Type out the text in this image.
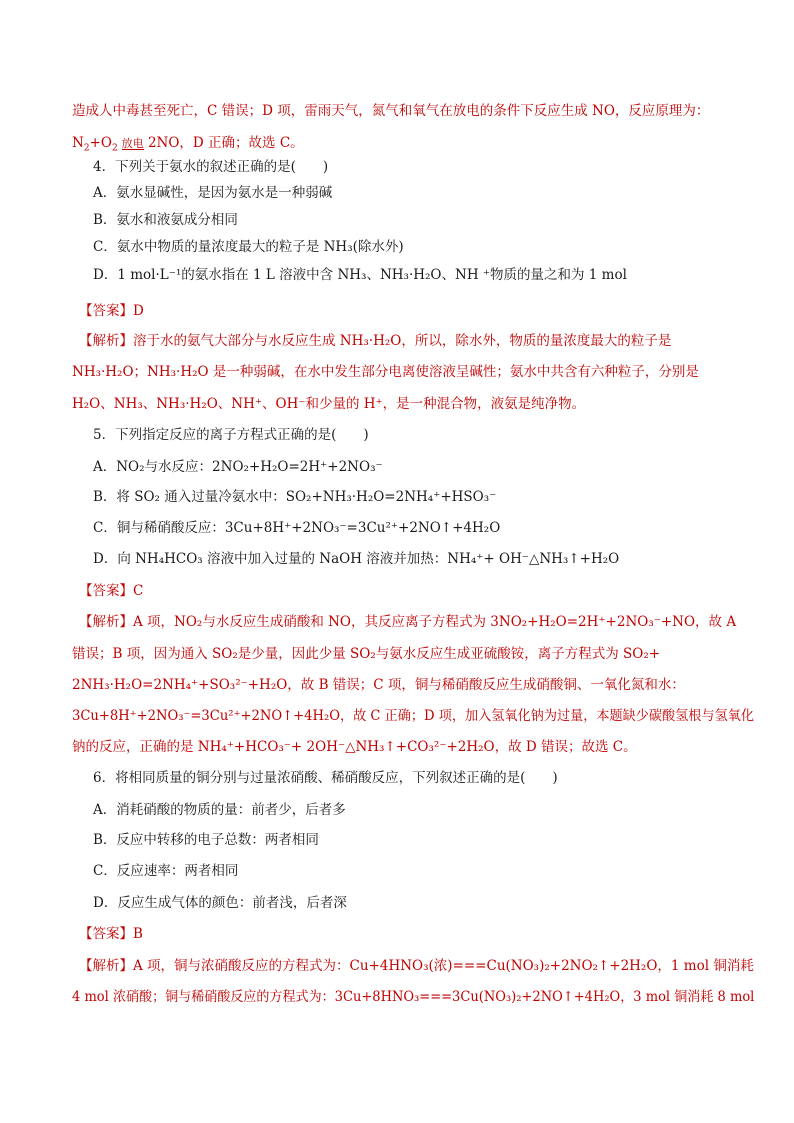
造成人中毒甚至死亡，C 错误；D 项，雷雨天气，氮气和氧气在放电的条件下反应生成 NO，反应原理为：
$N_2+O_2$ 放电 2NO，D 正确；故选 C。
4．下列关于氨水的叙述正确的是(　　)
A．氨水显碱性，是因为氨水是一种弱碱
B．氨水和液氨成分相同
C．氨水中物质的量浓度最大的粒子是 NH₃(除水外)
D．1 mol·L⁻¹的氨水指在 1 L 溶液中含 NH₃、NH₃·H₂O、NH ⁺物质的量之和为 1 mol
【答案】D
【解析】溶于水的氨气大部分与水反应生成 NH₃·H₂O，所以，除水外，物质的量浓度最大的粒子是
NH₃·H₂O；NH₃·H₂O 是一种弱碱，在水中发生部分电离使溶液呈碱性；氨水中共含有六种粒子，分别是
H₂O、NH₃、NH₃·H₂O、NH⁺、OH⁻和少量的 H⁺，是一种混合物，液氨是纯净物。
5．下列指定反应的离子方程式正确的是(　　)
A．NO₂与水反应：2NO₂+H₂O=2H⁺+2NO₃⁻
B．将 SO₂ 通入过量冷氨水中：SO₂+NH₃·H₂O=2NH₄⁺+HSO₃⁻
C．铜与稀硝酸反应：3Cu+8H⁺+2NO₃⁻=3Cu²⁺+2NO↑+4H₂O
D．向 NH₄HCO₃ 溶液中加入过量的 NaOH 溶液并加热：NH₄⁺+ OH⁻△NH₃↑+H₂O
【答案】C
【解析】A 项，NO₂与水反应生成硝酸和 NO，其反应离子方程式为 3NO₂+H₂O=2H⁺+2NO₃⁻+NO，故 A
错误；B 项，因为通入 SO₂是少量，因此少量 SO₂与氨水反应生成亚硫酸铵，离子方程式为 SO₂+
2NH₃·H₂O=2NH₄⁺+SO₃²⁻+H₂O，故 B 错误；C 项，铜与稀硝酸反应生成硝酸铜、一氧化氮和水：
3Cu+8H⁺+2NO₃⁻=3Cu²⁺+2NO↑+4H₂O，故 C 正确；D 项，加入氢氧化钠为过量，本题缺少碳酸氢根与氢氧化
钠的反应，正确的是 NH₄⁺+HCO₃⁻+ 2OH⁻△NH₃↑+CO₃²⁻+2H₂O，故 D 错误；故选 C。
6．将相同质量的铜分别与过量浓硝酸、稀硝酸反应，下列叙述正确的是(　　)
A．消耗硝酸的物质的量：前者少，后者多
B．反应中转移的电子总数：两者相同
C．反应速率：两者相同
D．反应生成气体的颜色：前者浅，后者深
【答案】B
【解析】A 项，铜与浓硝酸反应的方程式为：Cu+4HNO₃(浓)===Cu(NO₃)₂+2NO₂↑+2H₂O，1 mol 铜消耗
4 mol 浓硝酸；铜与稀硝酸反应的方程式为：3Cu+8HNO₃===3Cu(NO₃)₂+2NO↑+4H₂O，3 mol 铜消耗 8 mol
